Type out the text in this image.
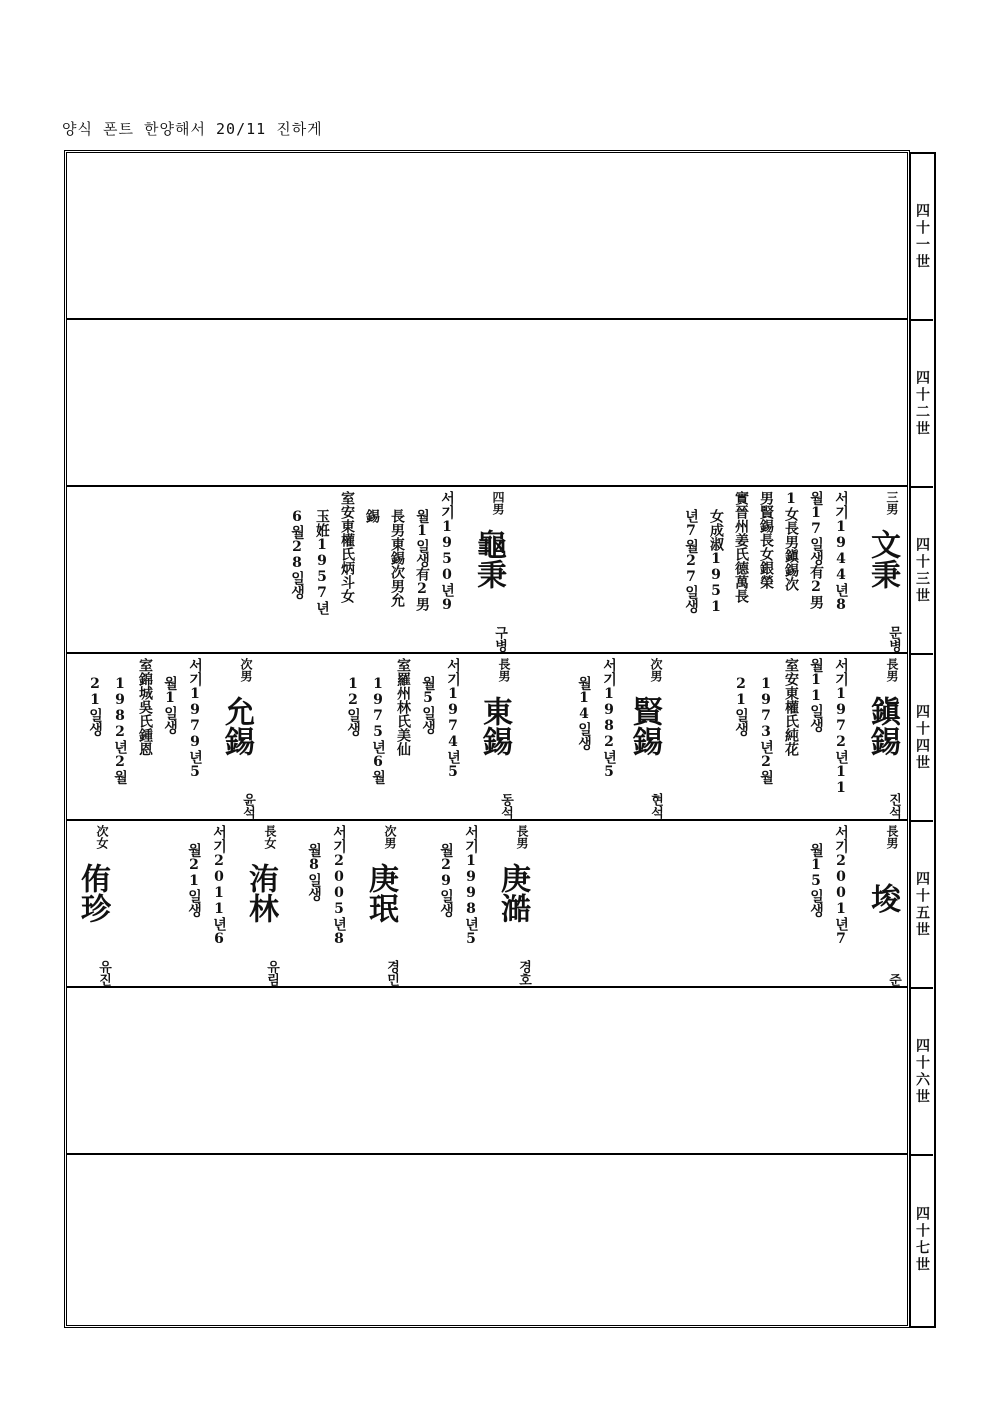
양식 폰트 한양해서 20/11 진하게
三男
文秉
문병
서기1944년8
월17일생有2男
1女長男鎭錫次
男賢錫長女銀榮
實晉州姜氏德萬長
女成淑1951
년7월27일생
四男
龜秉
구병
서기1950년9
월1일생有2男
長男東錫次男允
錫
室安東權氏炳斗女
玉姙1957년
6월28일생
長男
鎭錫
진석
서기1972년11
월11일생
室安東權氏純花
1973년2월
21일생
次男
賢錫
현석
서기1982년5
월14일생
長男
東錫
동석
서기1974년5
월5일생
室羅州林氏美仙
1975년6월
12일생
次男
允錫
윤석
서기1979년5
월1일생
室錦城吳氏鍾恩
1982년2월
21일생
長男
埈
준
서기2001년7
월15일생
長男
庚澔
경호
서기1998년5
월29일생
次男
庚珉
경민
서기2005년8
월8일생
長女
洧林
유림
서기2011년6
월21일생
次女
侑珍
유진
四十一世
四十二世
四十三世
四十四世
四十五世
四十六世
四十七世
